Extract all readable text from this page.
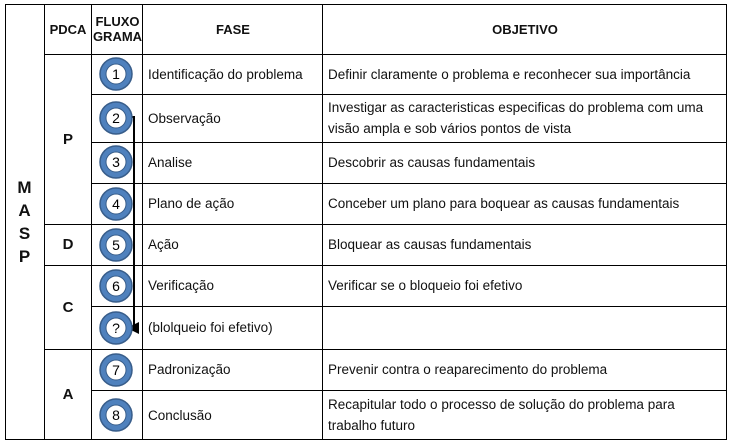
PDCA FLUXO
GRAMA	FASE	OBJETIVO
M
A
S
P
P
D
C
A
1
2
3
4
5
6
?
7
8
Identificação do problema
Observação
Analise
Plano de ação
Ação
Verificação
(blolqueio foi efetivo)
Padronização
Conclusão
Definir claramente o problema e reconhecer sua importância
Investigar as caracteristicas especificas do problema com uma
visão ampla e sob vários pontos de vista
Descobrir as causas fundamentais
Conceber um plano para boquear as causas fundamentais
Bloquear as causas fundamentais
Verificar se o bloqueio foi efetivo
Prevenir contra o reaparecimento do problema
Recapitular todo o processo de solução do problema para
trabalho futuro
